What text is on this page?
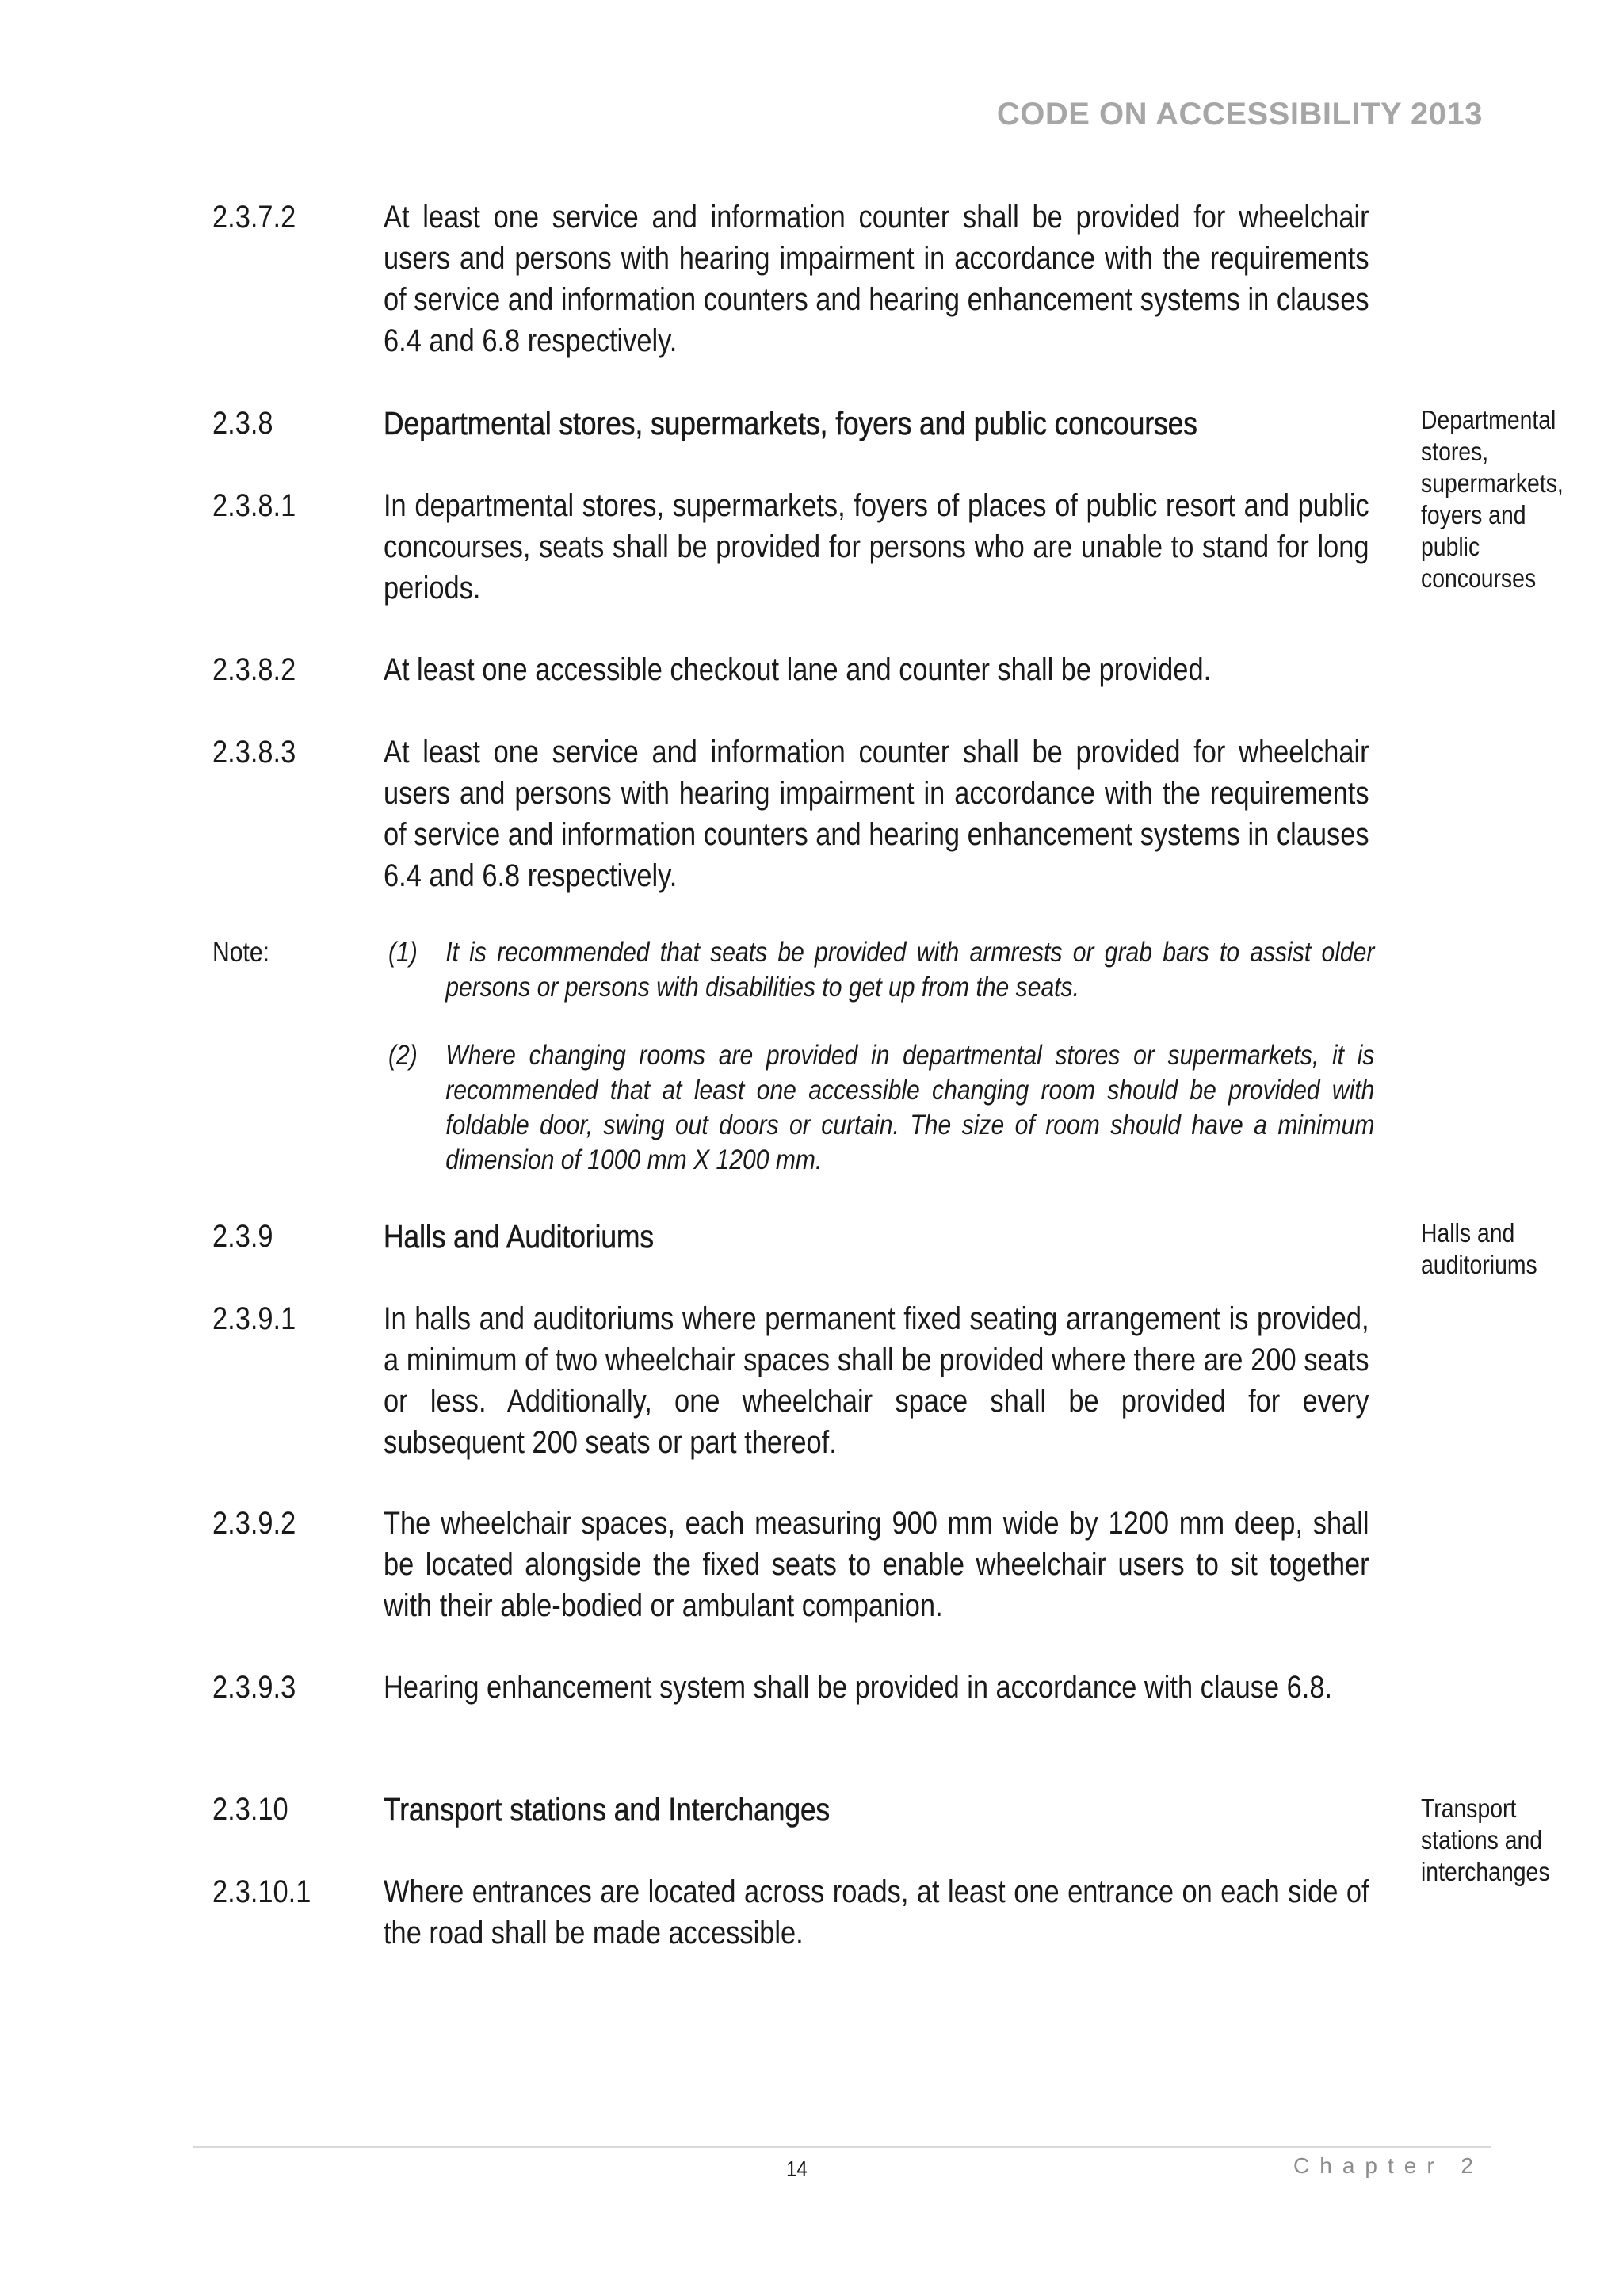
CODE ON ACCESSIBILITY 2013
2.3.7.2	At least one service and information counter shall be provided for wheelchair users and persons with hearing impairment in accordance with the requirements of service and information counters and hearing enhancement systems in clauses 6.4 and 6.8 respectively.
2.3.8	Departmental stores, supermarkets, foyers and public concourses	Departmental
stores,
supermarkets,
foyers and
public
concourses
2.3.8.1	In departmental stores, supermarkets, foyers of places of public resort and public concourses, seats shall be provided for persons who are unable to stand for long periods.
2.3.8.2	At least one accessible checkout lane and counter shall be provided.
2.3.8.3	At least one service and information counter shall be provided for wheelchair users and persons with hearing impairment in accordance with the requirements of service and information counters and hearing enhancement systems in clauses 6.4 and 6.8 respectively.
Note:	(1) It is recommended that seats be provided with armrests or grab bars to assist older persons or persons with disabilities to get up from the seats.
(2) Where changing rooms are provided in departmental stores or supermarkets, it is recommended that at least one accessible changing room should be provided with foldable door, swing out doors or curtain. The size of room should have a minimum dimension of 1000 mm X 1200 mm.
2.3.9	Halls and Auditoriums	Halls and
auditoriums
2.3.9.1	In halls and auditoriums where permanent fixed seating arrangement is provided, a minimum of two wheelchair spaces shall be provided where there are 200 seats or less. Additionally, one wheelchair space shall be provided for every subsequent 200 seats or part thereof.
2.3.9.2	The wheelchair spaces, each measuring 900 mm wide by 1200 mm deep, shall be located alongside the fixed seats to enable wheelchair users to sit together with their able-bodied or ambulant companion.
2.3.9.3	Hearing enhancement system shall be provided in accordance with clause 6.8.
2.3.10	Transport stations and Interchanges	Transport
stations and
interchanges
2.3.10.1 Where entrances are located across roads, at least one entrance on each side of the road shall be made accessible.
14	Chapter 2
